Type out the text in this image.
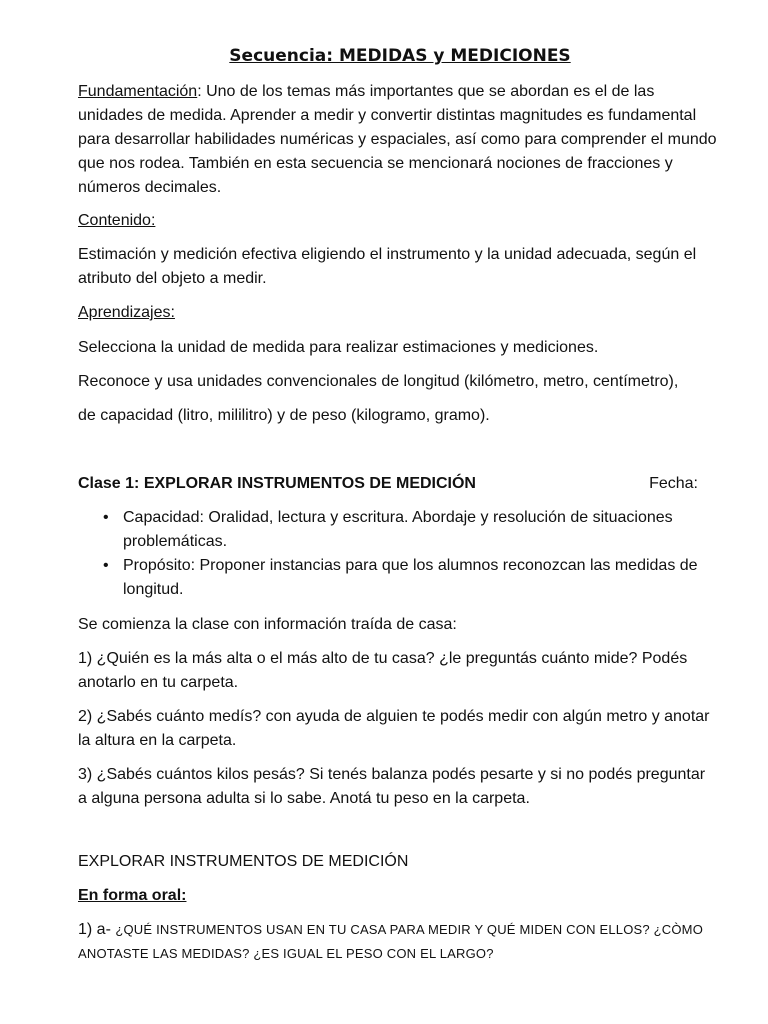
Secuencia: MEDIDAS y MEDICIONES

Fundamentación: Uno de los temas más importantes que se abordan es el de las unidades de medida. Aprender a medir y convertir distintas magnitudes es fundamental para desarrollar habilidades numéricas y espaciales, así como para comprender el mundo que nos rodea. También en esta secuencia se mencionará nociones de fracciones y números decimales.

Contenido:

Estimación y medición efectiva eligiendo el instrumento y la unidad adecuada, según el atributo del objeto a medir.

Aprendizajes:

Selecciona la unidad de medida para realizar estimaciones y mediciones.

Reconoce y usa unidades convencionales de longitud (kilómetro, metro, centímetro),

de capacidad (litro, mililitro) y de peso (kilogramo, gramo).

Clase 1: EXPLORAR INSTRUMENTOS DE MEDICIÓN	Fecha:
• Capacidad: Oralidad, lectura y escritura. Abordaje y resolución de situaciones problemáticas.
• Propósito: Proponer instancias para que los alumnos reconozcan las medidas de longitud.

Se comienza la clase con información traída de casa:

1) ¿Quién es la más alta o el más alto de tu casa? ¿le preguntás cuánto mide? Podés anotarlo en tu carpeta.

2) ¿Sabés cuánto medís? con ayuda de alguien te podés medir con algún metro y anotar la altura en la carpeta.

3) ¿Sabés cuántos kilos pesás? Si tenés balanza podés pesarte y si no podés preguntar a alguna persona adulta si lo sabe. Anotá tu peso en la carpeta.

EXPLORAR INSTRUMENTOS DE MEDICIÓN

En forma oral:

1) a- ¿QUÉ INSTRUMENTOS USAN EN TU CASA PARA MEDIR Y QUÉ MIDEN CON ELLOS? ¿CÒMO ANOTASTE LAS MEDIDAS? ¿ES IGUAL EL PESO CON EL LARGO?
